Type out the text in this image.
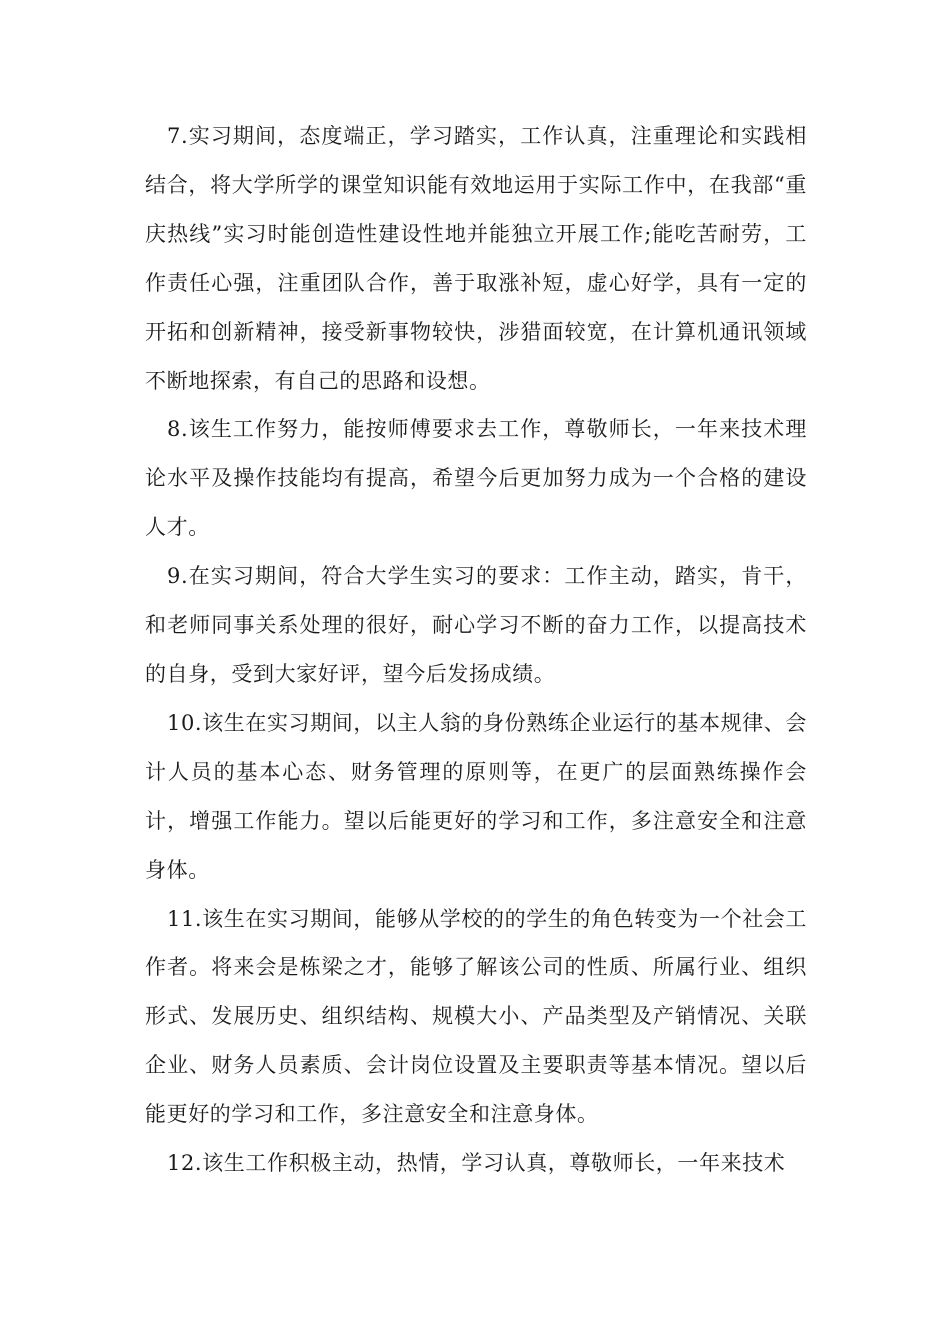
7.实习期间，态度端正，学习踏实，工作认真，注重理论和实践相结合，将大学所学的课堂知识能有效地运用于实际工作中，在我部“重庆热线”实习时能创造性建设性地并能独立开展工作;能吃苦耐劳，工作责任心强，注重团队合作，善于取涨补短，虚心好学，具有一定的开拓和创新精神，接受新事物较快，涉猎面较宽，在计算机通讯领域不断地探索，有自己的思路和设想。

8.该生工作努力，能按师傅要求去工作，尊敬师长，一年来技术理论水平及操作技能均有提高，希望今后更加努力成为一个合格的建设人才。

9.在实习期间，符合大学生实习的要求：工作主动，踏实，肯干，和老师同事关系处理的很好，耐心学习不断的奋力工作，以提高技术的自身，受到大家好评，望今后发扬成绩。

10.该生在实习期间，以主人翁的身份熟练企业运行的基本规律、会计人员的基本心态、财务管理的原则等，在更广的层面熟练操作会计，增强工作能力。望以后能更好的学习和工作，多注意安全和注意身体。

11.该生在实习期间，能够从学校的的学生的角色转变为一个社会工作者。将来会是栋梁之才，能够了解该公司的性质、所属行业、组织形式、发展历史、组织结构、规模大小、产品类型及产销情况、关联企业、财务人员素质、会计岗位设置及主要职责等基本情况。望以后能更好的学习和工作，多注意安全和注意身体。

12.该生工作积极主动，热情，学习认真，尊敬师长，一年来技术
